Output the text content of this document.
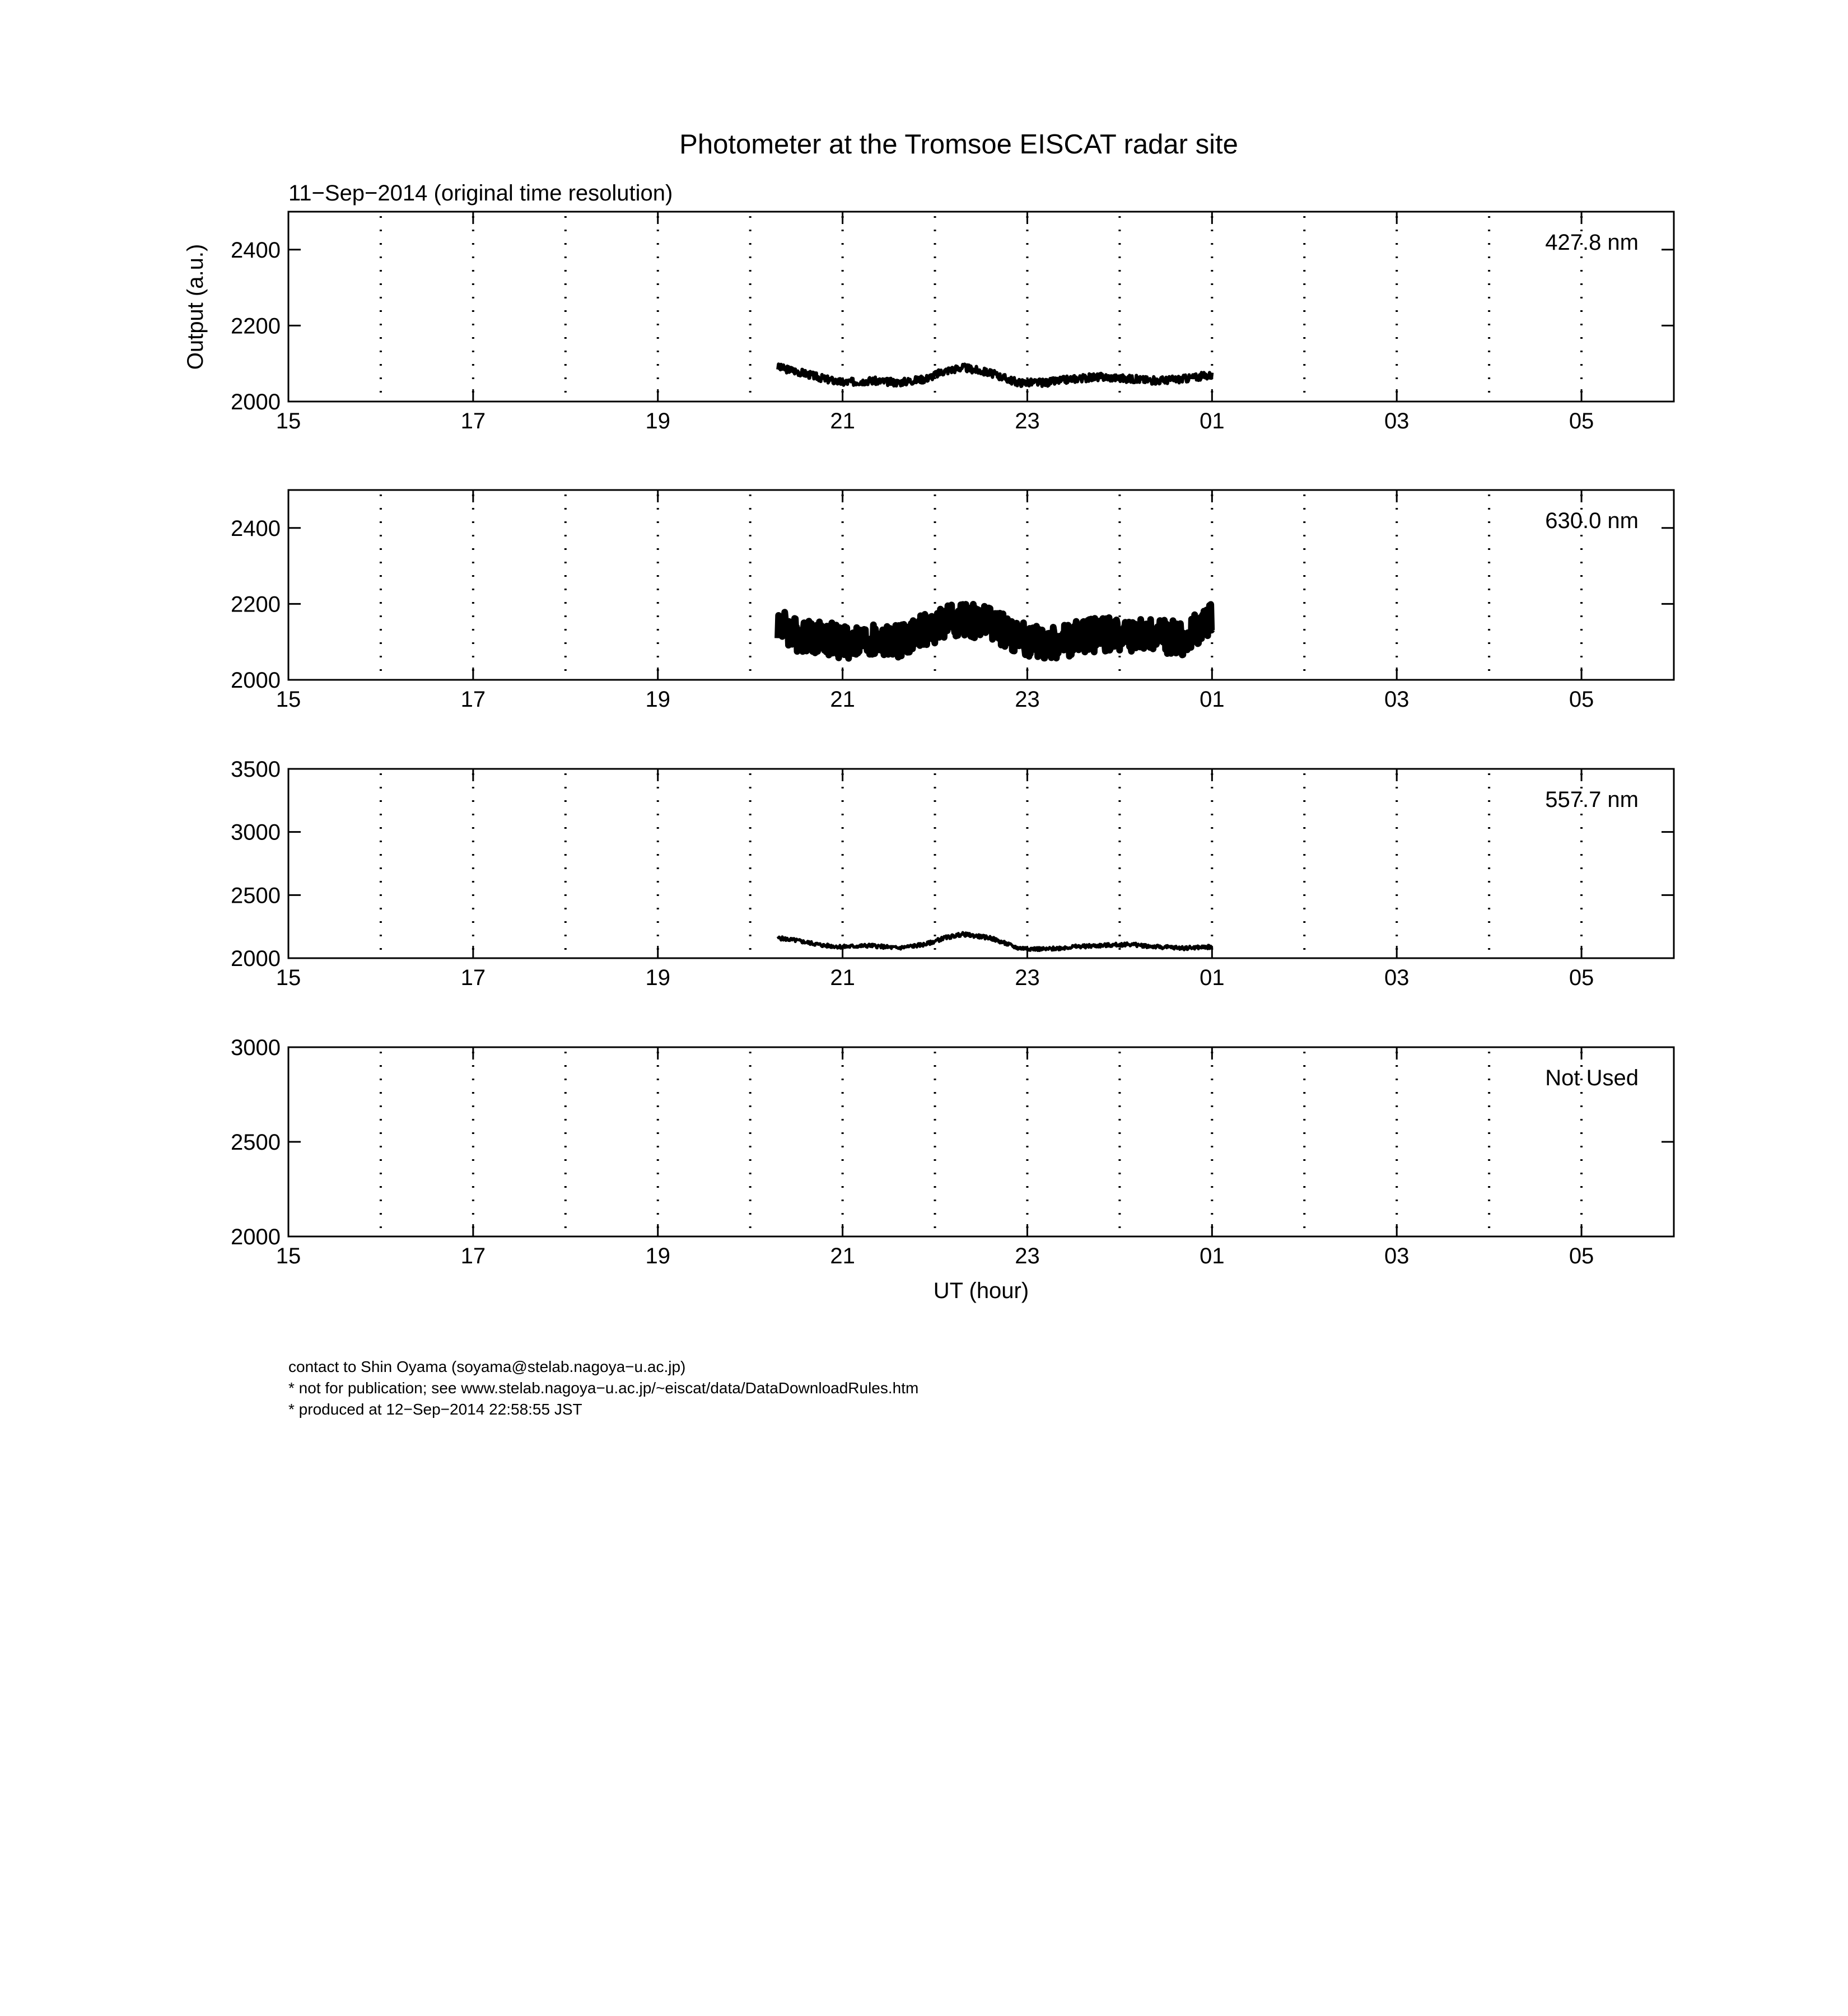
Photometer at the Tromsoe EISCAT radar site
11−Sep−2014 (original time resolution)
Output (a.u.)
UT (hour)
15	17	19	21	23	01	03	05
2000
2200
2400	427.8 nm
15	17	19	21	23	01	03	05
2000
2200
2400	630.0 nm
15	17	19	21	23	01	03	05
2000
2500
3000
3500
557.7 nm
15	17	19	21	23	01	03	05
2000
2500
3000
Not Used
contact to Shin Oyama (soyama@stelab.nagoya−u.ac.jp)
* not for publication; see www.stelab.nagoya−u.ac.jp/~eiscat/data/DataDownloadRules.htm
* produced at 12−Sep−2014 22:58:55 JST
